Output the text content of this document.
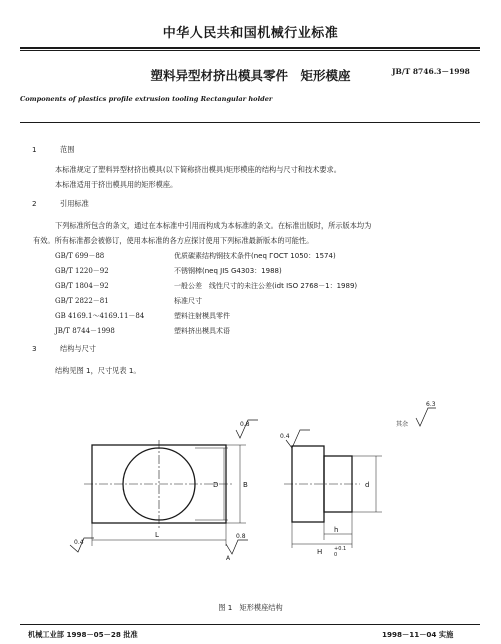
中华人民共和国机械行业标准
塑料异型材挤出模具零件　矩形模座	JB/T 8746.3－1998
Components of plastics profile extrusion tooling Rectangular holder
1	范围
本标准规定了塑料异型材挤出模具(以下简称挤出模具)矩形模座的结构与尺寸和技术要求。
本标准适用于挤出模具用的矩形模座。
2	引用标准
下列标准所包含的条文，通过在本标准中引用而构成为本标准的条文。在标准出版时，所示版本均为
有效。所有标准都会被修订，使用本标准的各方应探讨使用下列标准最新版本的可能性。
GB/T 699－88	优质碳素结构钢技术条件(neq ГОСТ 1050：1574)
GB/T 1220－92	不锈钢棒(neq JIS G4303：1988)
GB/T 1804－92	一般公差　线性尺寸的未注公差(idt ISO 2768－1：1989)
GB/T 2822－81	标准尺寸
GB 4169.1～4169.11－84	塑料注射模具零件
JB/T 8744－1998	塑料挤出模具术语
3	结构与尺寸
结构见图 1，尺寸见表 1。
L
B
D
0.8
0.4
0.8
A
d
H
h
+0.1
0
0.4
其余
6.3
图 1　矩形模座结构
机械工业部 1998－05－28 批准	1998－11－04 实施
